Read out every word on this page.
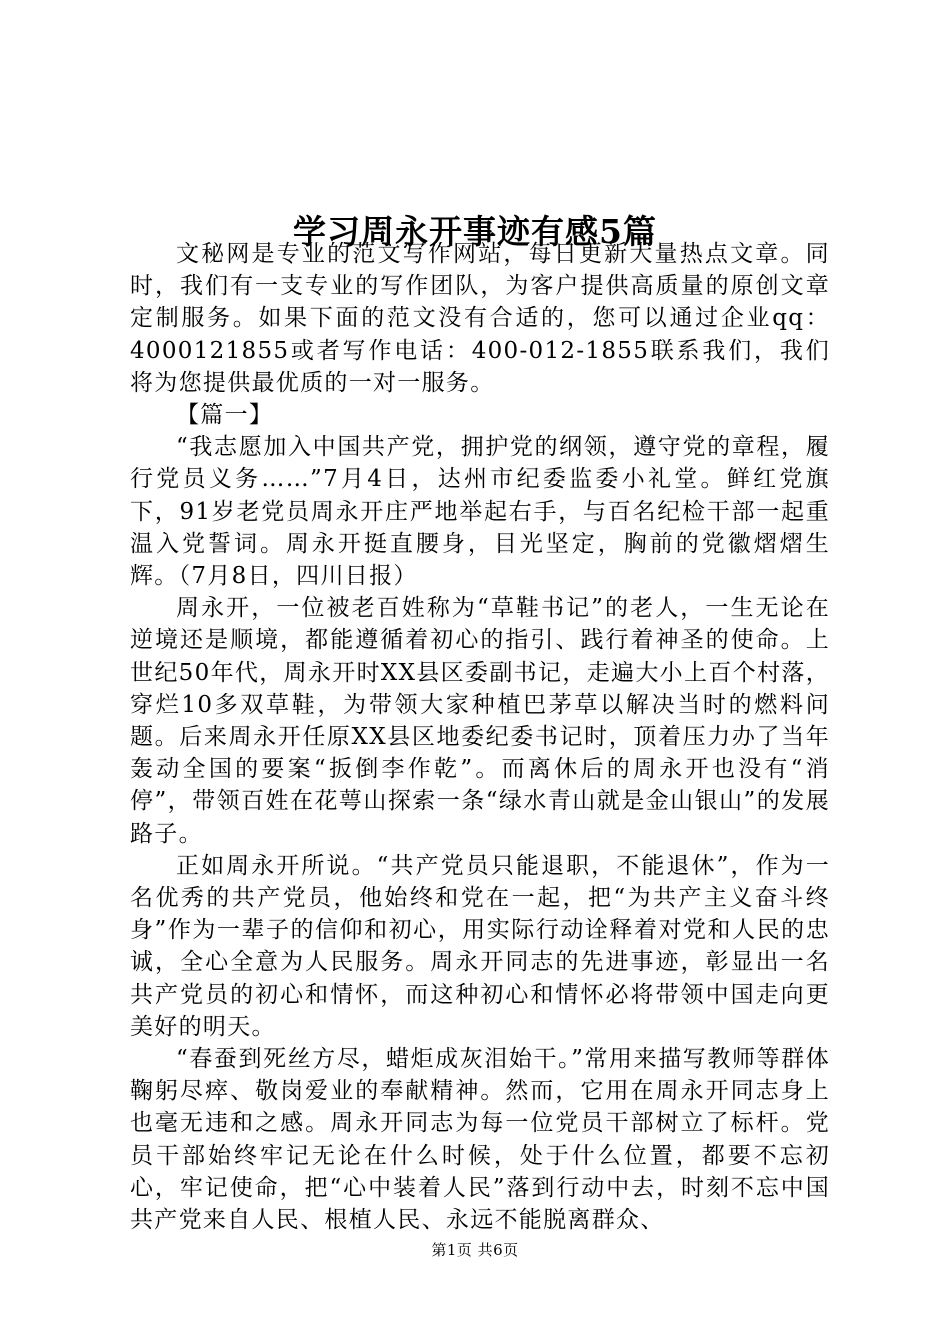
学习周永开事迹有感5篇

文秘网是专业的范文写作网站，每日更新大量热点文章。同时，我们有一支专业的写作团队，为客户提供高质量的原创文章定制服务。如果下面的范文没有合适的，您可以通过企业qq：4000121855或者写作电话：400-012-1855联系我们，我们将为您提供最优质的一对一服务。

【篇一】

“我志愿加入中国共产党，拥护党的纲领，遵守党的章程，履行党员义务……”7月4日，达州市纪委监委小礼堂。鲜红党旗下，91岁老党员周永开庄严地举起右手，与百名纪检干部一起重温入党誓词。周永开挺直腰身，目光坚定，胸前的党徽熠熠生辉。（7月8日，四川日报）

周永开，一位被老百姓称为“草鞋书记”的老人，一生无论在逆境还是顺境，都能遵循着初心的指引、践行着神圣的使命。上世纪50年代，周永开时XX县区委副书记，走遍大小上百个村落，穿烂10多双草鞋，为带领大家种植巴茅草以解决当时的燃料问题。后来周永开任原XX县区地委纪委书记时，顶着压力办了当年轰动全国的要案“扳倒李作乾”。而离休后的周永开也没有“消停”，带领百姓在花萼山探索一条“绿水青山就是金山银山”的发展路子。

正如周永开所说。“共产党员只能退职，不能退休”，作为一名优秀的共产党员，他始终和党在一起，把“为共产主义奋斗终身”作为一辈子的信仰和初心，用实际行动诠释着对党和人民的忠诚，全心全意为人民服务。周永开同志的先进事迹，彰显出一名共产党员的初心和情怀，而这种初心和情怀必将带领中国走向更美好的明天。

“春蚕到死丝方尽，蜡炬成灰泪始干。”常用来描写教师等群体鞠躬尽瘁、敬岗爱业的奉献精神。然而，它用在周永开同志身上也毫无违和之感。周永开同志为每一位党员干部树立了标杆。党员干部始终牢记无论在什么时候，处于什么位置，都要不忘初心，牢记使命，把“心中装着人民”落到行动中去，时刻不忘中国共产党来自人民、根植人民、永远不能脱离群众、

第1页 共6页
